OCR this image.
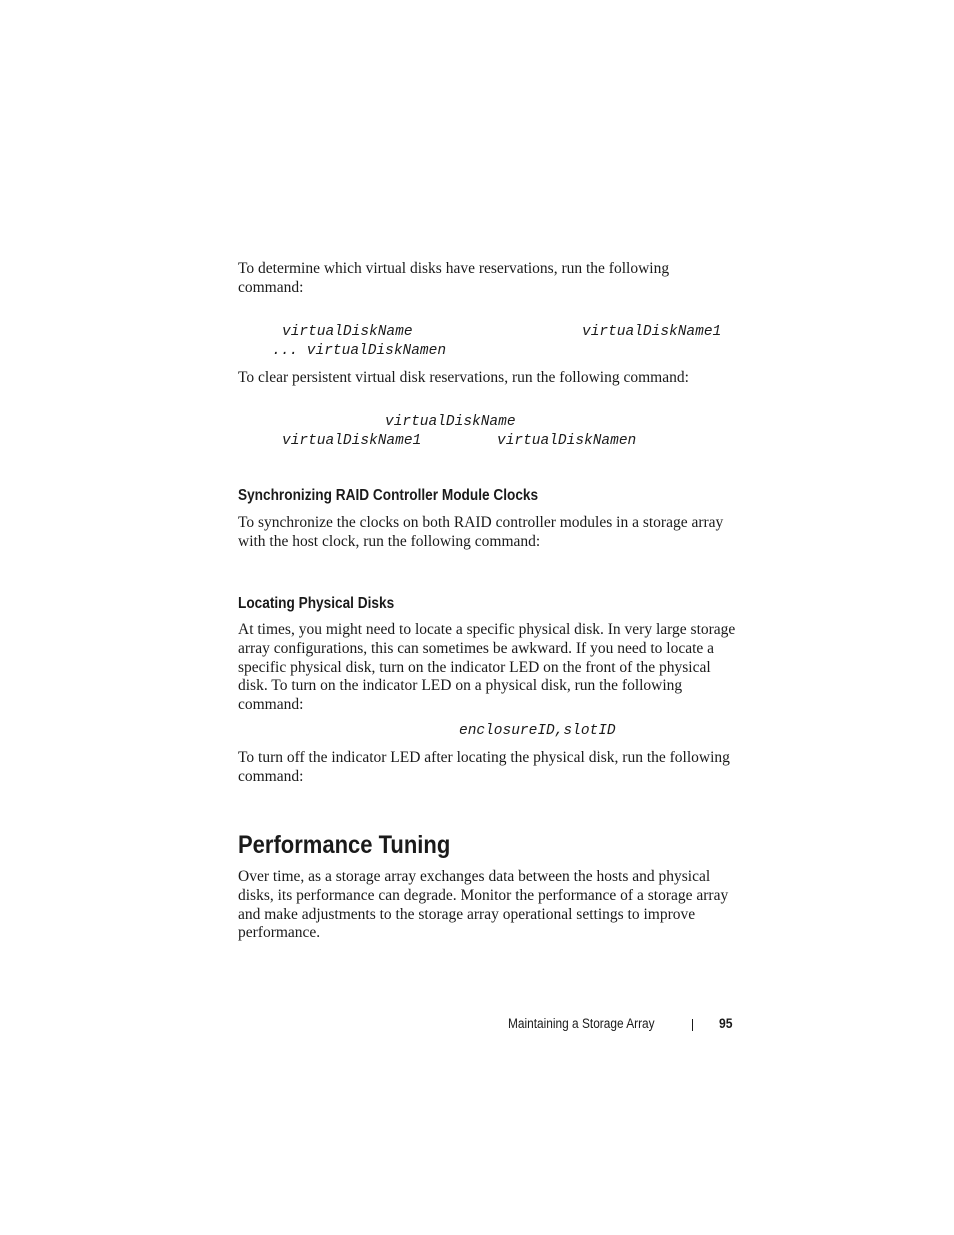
To determine which virtual disks have reservations, run the following command:

virtualDiskName	virtualDiskName1

... virtualDiskNamen

To clear persistent virtual disk reservations, run the following command:

virtualDiskName

virtualDiskName1	virtualDiskNamen

Synchronizing RAID Controller Module Clocks

To synchronize the clocks on both RAID controller modules in a storage array with the host clock, run the following command:

Locating Physical Disks

At times, you might need to locate a specific physical disk. In very large storage array configurations, this can sometimes be awkward. If you need to locate a specific physical disk, turn on the indicator LED on the front of the physical disk. To turn on the indicator LED on a physical disk, run the following command:

enclosureID,slotID

To turn off the indicator LED after locating the physical disk, run the following command:

Performance Tuning

Over time, as a storage array exchanges data between the hosts and physical disks, its performance can degrade. Monitor the performance of a storage array and make adjustments to the storage array operational settings to improve performance.

Maintaining a Storage Array	95
